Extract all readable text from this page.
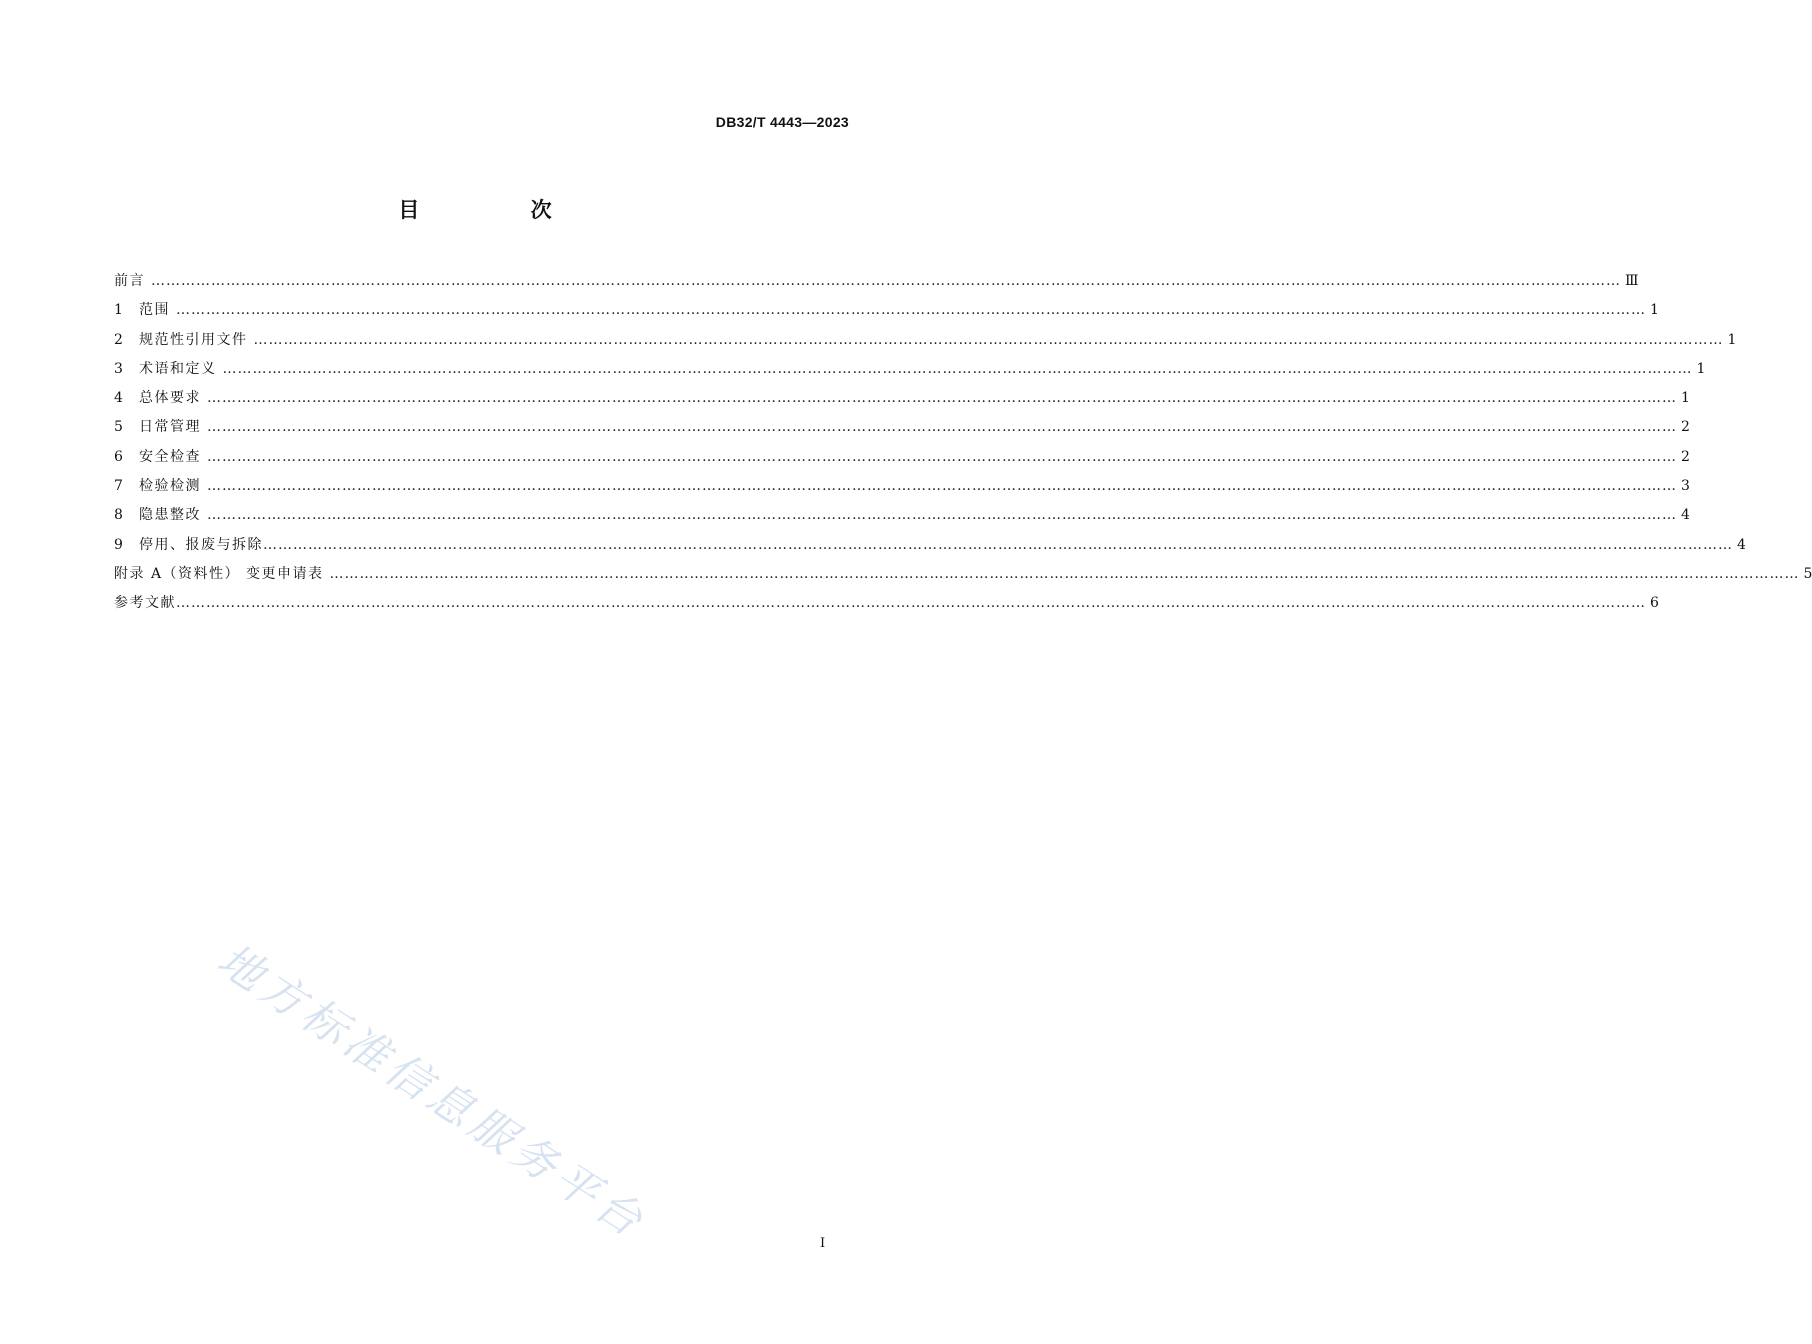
DB32/T 4443—2023
目 次
前言 …………………………………………………………………………………………………………………………………………………………………………………………………………………………………………………………………… Ⅲ
1	范围 …………………………………………………………………………………………………………………………………………………………………………………………………………………………………………………………………… 1
2	规范性引用文件 …………………………………………………………………………………………………………………………………………………………………………………………………………………………………………………………………… 1
3	术语和定义 …………………………………………………………………………………………………………………………………………………………………………………………………………………………………………………………………… 1
4	总体要求 …………………………………………………………………………………………………………………………………………………………………………………………………………………………………………………………………… 1
5	日常管理 …………………………………………………………………………………………………………………………………………………………………………………………………………………………………………………………………… 2
6	安全检查 …………………………………………………………………………………………………………………………………………………………………………………………………………………………………………………………………… 2
7	检验检测 …………………………………………………………………………………………………………………………………………………………………………………………………………………………………………………………………… 3
8	隐患整改 …………………………………………………………………………………………………………………………………………………………………………………………………………………………………………………………………… 4
9	停用、报废与拆除 …………………………………………………………………………………………………………………………………………………………………………………………………………………………………………………………………… 4
附录 A（资料性） 变更申请表 …………………………………………………………………………………………………………………………………………………………………………………………………………………………………………………………………… 5
参考文献 …………………………………………………………………………………………………………………………………………………………………………………………………………………………………………………………………… 6
地方标准信息服务平台	I
